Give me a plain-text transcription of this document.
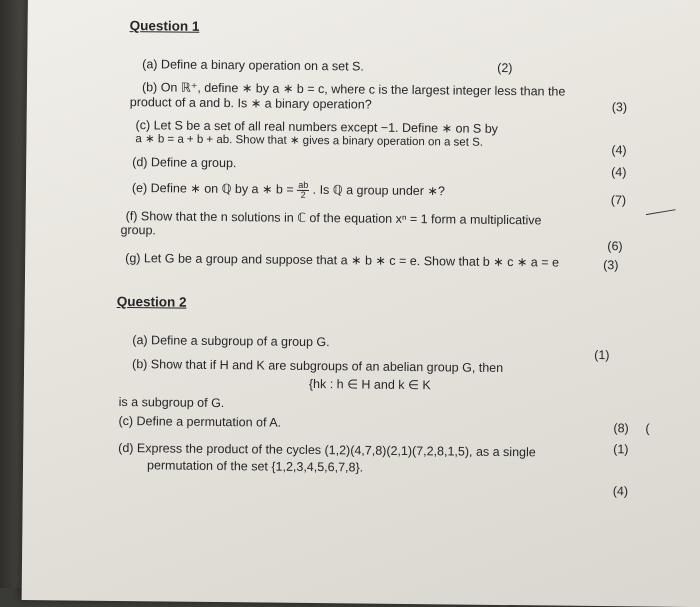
Question 1
(a) Define a binary operation on a set S.	(2)
(b) On ℝ⁺, define ∗ by a ∗ b = c, where c is the largest integer less than the
product of a and b. Is ∗ a binary operation?	(3)
(c) Let S be a set of all real numbers except −1. Define ∗ on S by
a ∗ b = a + b + ab. Show that ∗ gives a binary operation on a set S.
(4)
(d) Define a group.
(4)
(e) Define ∗ on ℚ by a ∗ $b = \frac{ab}{2}$ . Is ℚ a group under ∗?
(7)
(f) Show that the n solutions in ℂ of the equation xⁿ = 1 form a multiplicative
group.
(6)
(g) Let G be a group and suppose that a ∗ b ∗ c = e. Show that b ∗ c ∗ a = e	(3)
Question 2
(a) Define a subgroup of a group G.
(1)
(b) Show that if H and K are subgroups of an abelian group G, then
{hk : h ∈ H and k ∈ K
is a subgroup of G.
(c) Define a permutation of A.	(8) (
(d) Express the product of the cycles (1,2)(4,7,8)(2,1)(7,2,8,1,5), as a single
permutation of the set {1,2,3,4,5,6,7,8}.
(1)
(4)
